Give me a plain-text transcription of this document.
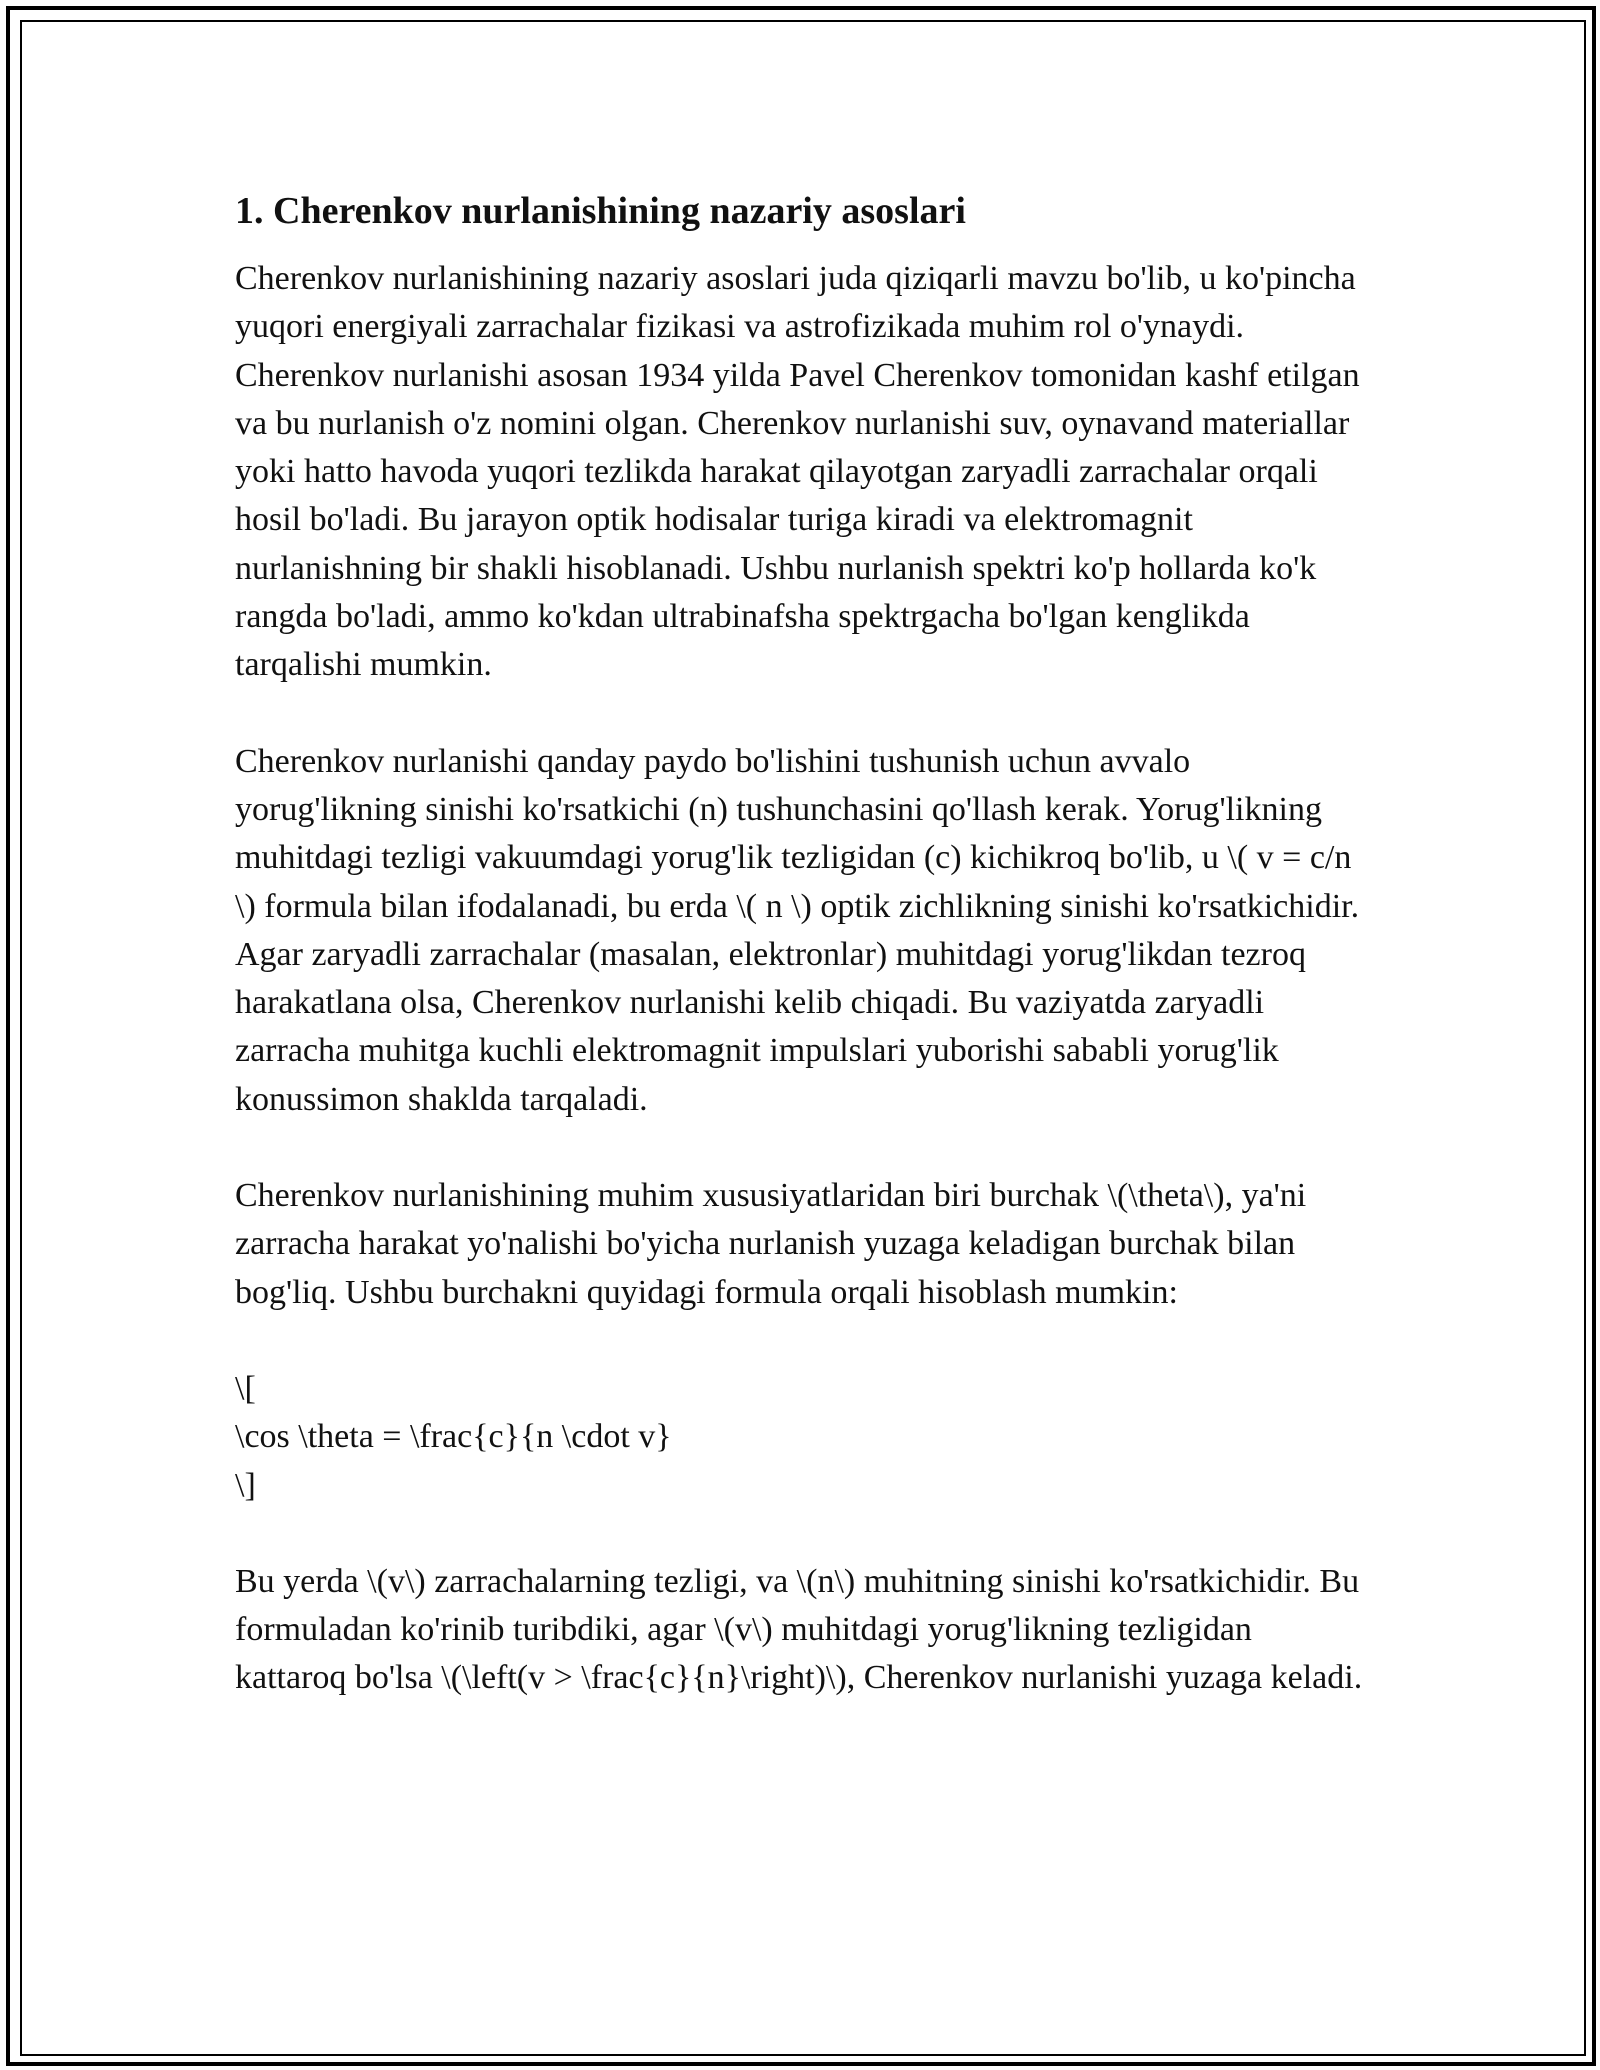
1. Cherenkov nurlanishining nazariy asoslari

Cherenkov nurlanishining nazariy asoslari juda qiziqarli mavzu bo'lib, u ko'pincha yuqori energiyali zarrachalar fizikasi va astrofizikada muhim rol o'ynaydi. Cherenkov nurlanishi asosan 1934 yilda Pavel Cherenkov tomonidan kashf etilgan va bu nurlanish o'z nomini olgan. Cherenkov nurlanishi suv, oynavand materiallar yoki hatto havoda yuqori tezlikda harakat qilayotgan zaryadli zarrachalar orqali hosil bo'ladi. Bu jarayon optik hodisalar turiga kiradi va elektromagnit nurlanishning bir shakli hisoblanadi. Ushbu nurlanish spektri ko'p hollarda ko'k rangda bo'ladi, ammo ko'kdan ultrabinafsha spektrgacha bo'lgan kenglikda tarqalishi mumkin.

Cherenkov nurlanishi qanday paydo bo'lishini tushunish uchun avvalo yorug'likning sinishi ko'rsatkichi (n) tushunchasini qo'llash kerak. Yorug'likning muhitdagi tezligi vakuumdagi yorug'lik tezligidan (c) kichikroq bo'lib, u \( v = c/n \) formula bilan ifodalanadi, bu erda \( n \) optik zichlikning sinishi ko'rsatkichidir. Agar zaryadli zarrachalar (masalan, elektronlar) muhitdagi yorug'likdan tezroq harakatlana olsa, Cherenkov nurlanishi kelib chiqadi. Bu vaziyatda zaryadli zarracha muhitga kuchli elektromagnit impulslari yuborishi sababli yorug'lik konussimon shaklda tarqaladi.

Cherenkov nurlanishining muhim xususiyatlaridan biri burchak \(\theta\), ya'ni zarracha harakat yo'nalishi bo'yicha nurlanish yuzaga keladigan burchak bilan bog'liq. Ushbu burchakni quyidagi formula orqali hisoblash mumkin:

\[
\cos \theta = \frac{c}{n \cdot v}
\]

Bu yerda \(v\) zarrachalarning tezligi, va \(n\) muhitning sinishi ko'rsatkichidir. Bu formuladan ko'rinib turibdiki, agar \(v\) muhitdagi yorug'likning tezligidan kattaroq bo'lsa \(\left(v > \frac{c}{n}\right)\), Cherenkov nurlanishi yuzaga keladi.
